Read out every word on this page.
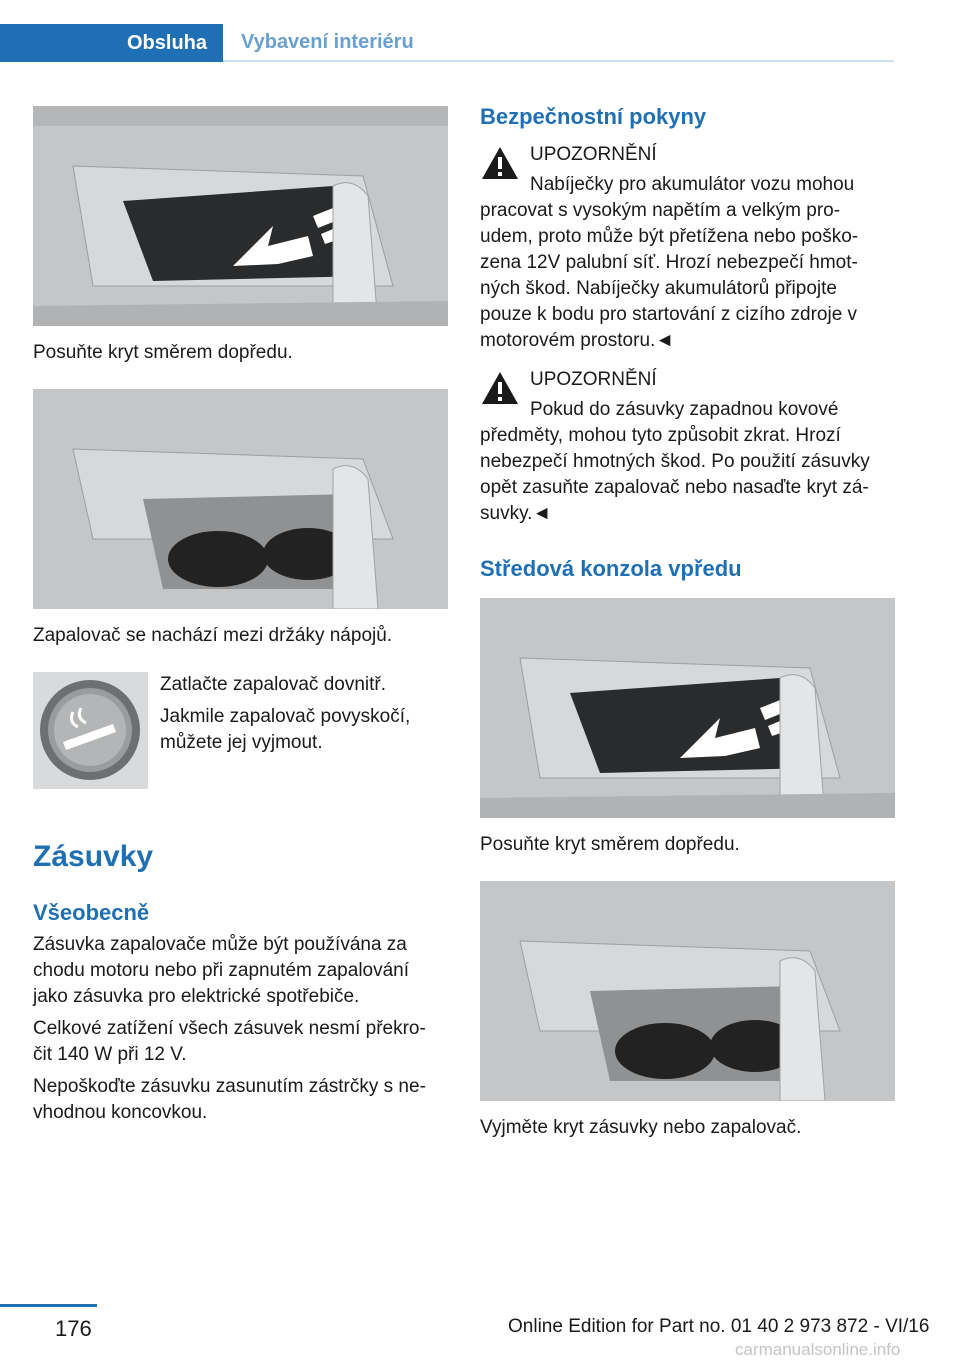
Obsluha	Vybavení interiéru
Posuňte kryt směrem dopředu.
Zapalovač se nachází mezi držáky nápojů.
Zatlačte zapalovač dovnitř.
Jakmile zapalovač povyskočí,
můžete jej vyjmout.
Zásuvky
Všeobecně
Zásuvka zapalovače může být používána za
chodu motoru nebo při zapnutém zapalování
jako zásuvka pro elektrické spotřebiče.
Celkové zatížení všech zásuvek nesmí překro‐
čit 140 W při 12 V.
Nepoškoďte zásuvku zasunutím zástrčky s ne‐
vhodnou koncovkou.
Bezpečnostní pokyny
UPOZORNĚNÍ
Nabíječky pro akumulátor vozu mohou
pracovat s vysokým napětím a velkým pro‐
udem, proto může být přetížena nebo poško‐
zena 12V palubní síť. Hrozí nebezpečí hmot‐
ných škod. Nabíječky akumulátorů připojte
pouze k bodu pro startování z cizího zdroje v
motorovém prostoru.◄
UPOZORNĚNÍ
Pokud do zásuvky zapadnou kovové
předměty, mohou tyto způsobit zkrat. Hrozí
nebezpečí hmotných škod. Po použití zásuvky
opět zasuňte zapalovač nebo nasaďte kryt zá‐
suvky.◄
Středová konzola vpředu
Posuňte kryt směrem dopředu.
Vyjměte kryt zásuvky nebo zapalovač.
176	Online Edition for Part no. 01 40 2 973 872 - VI/16
carmanualsonline.info
